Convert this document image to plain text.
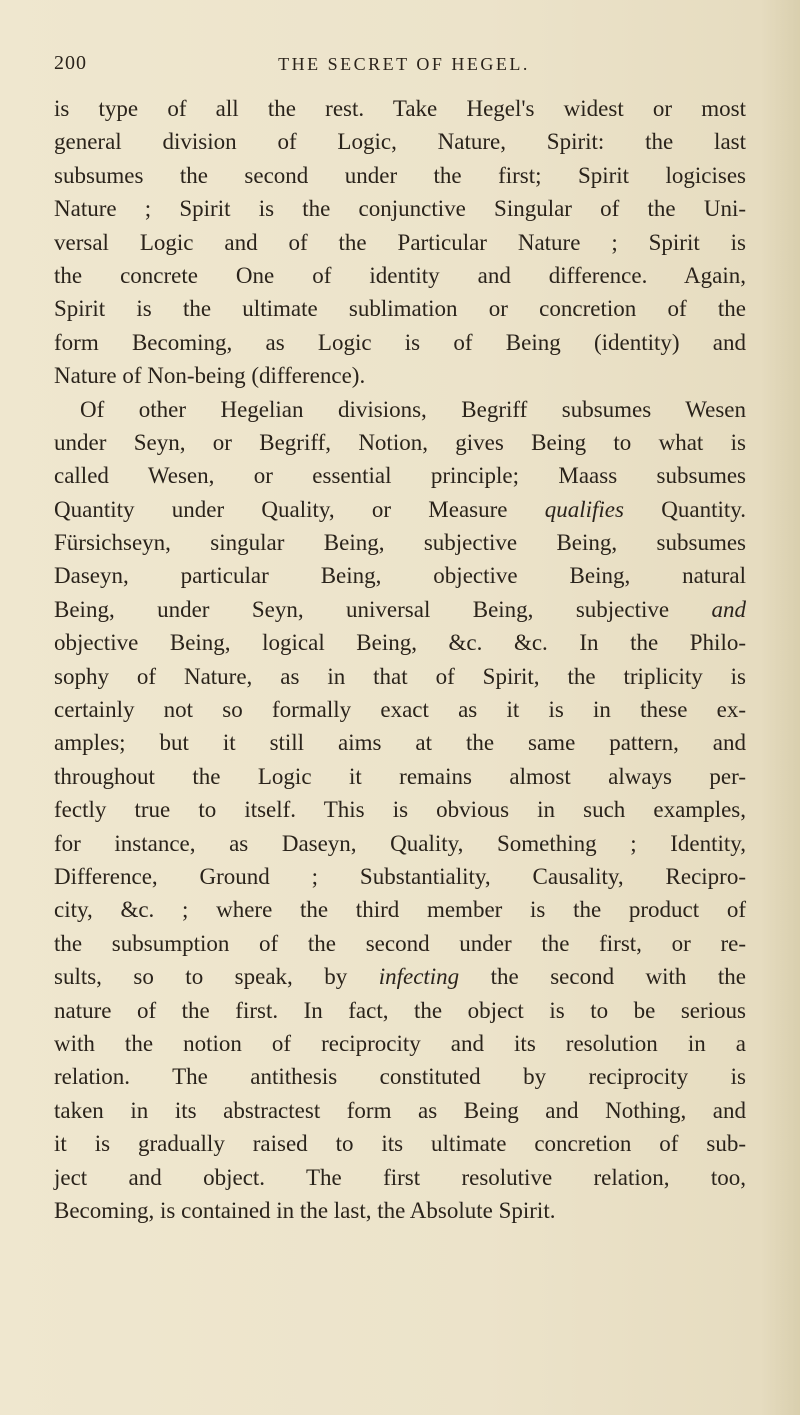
200	THE SECRET OF HEGEL.
is type of all the rest. Take Hegel's widest or most
general division of Logic, Nature, Spirit: the last
subsumes the second under the first; Spirit logicises
Nature ; Spirit is the conjunctive Singular of the Uni-
versal Logic and of the Particular Nature ; Spirit is
the concrete One of identity and difference. Again,
Spirit is the ultimate sublimation or concretion of the
form Becoming, as Logic is of Being (identity) and
Nature of Non-being (difference).
Of other Hegelian divisions, Begriff subsumes Wesen
under Seyn, or Begriff, Notion, gives Being to what is
called Wesen, or essential principle; Maass subsumes
Quantity under Quality, or Measure qualifies Quantity.
Fürsichseyn, singular Being, subjective Being, subsumes
Daseyn, particular Being, objective Being, natural
Being, under Seyn, universal Being, subjective and
objective Being, logical Being, &c. &c. In the Philo-
sophy of Nature, as in that of Spirit, the triplicity is
certainly not so formally exact as it is in these ex-
amples; but it still aims at the same pattern, and
throughout the Logic it remains almost always per-
fectly true to itself. This is obvious in such examples,
for instance, as Daseyn, Quality, Something ; Identity,
Difference, Ground ; Substantiality, Causality, Recipro-
city, &c. ; where the third member is the product of
the subsumption of the second under the first, or re-
sults, so to speak, by infecting the second with the
nature of the first. In fact, the object is to be serious
with the notion of reciprocity and its resolution in a
relation. The antithesis constituted by reciprocity is
taken in its abstractest form as Being and Nothing, and
it is gradually raised to its ultimate concretion of sub-
ject and object. The first resolutive relation, too,
Becoming, is contained in the last, the Absolute Spirit.
